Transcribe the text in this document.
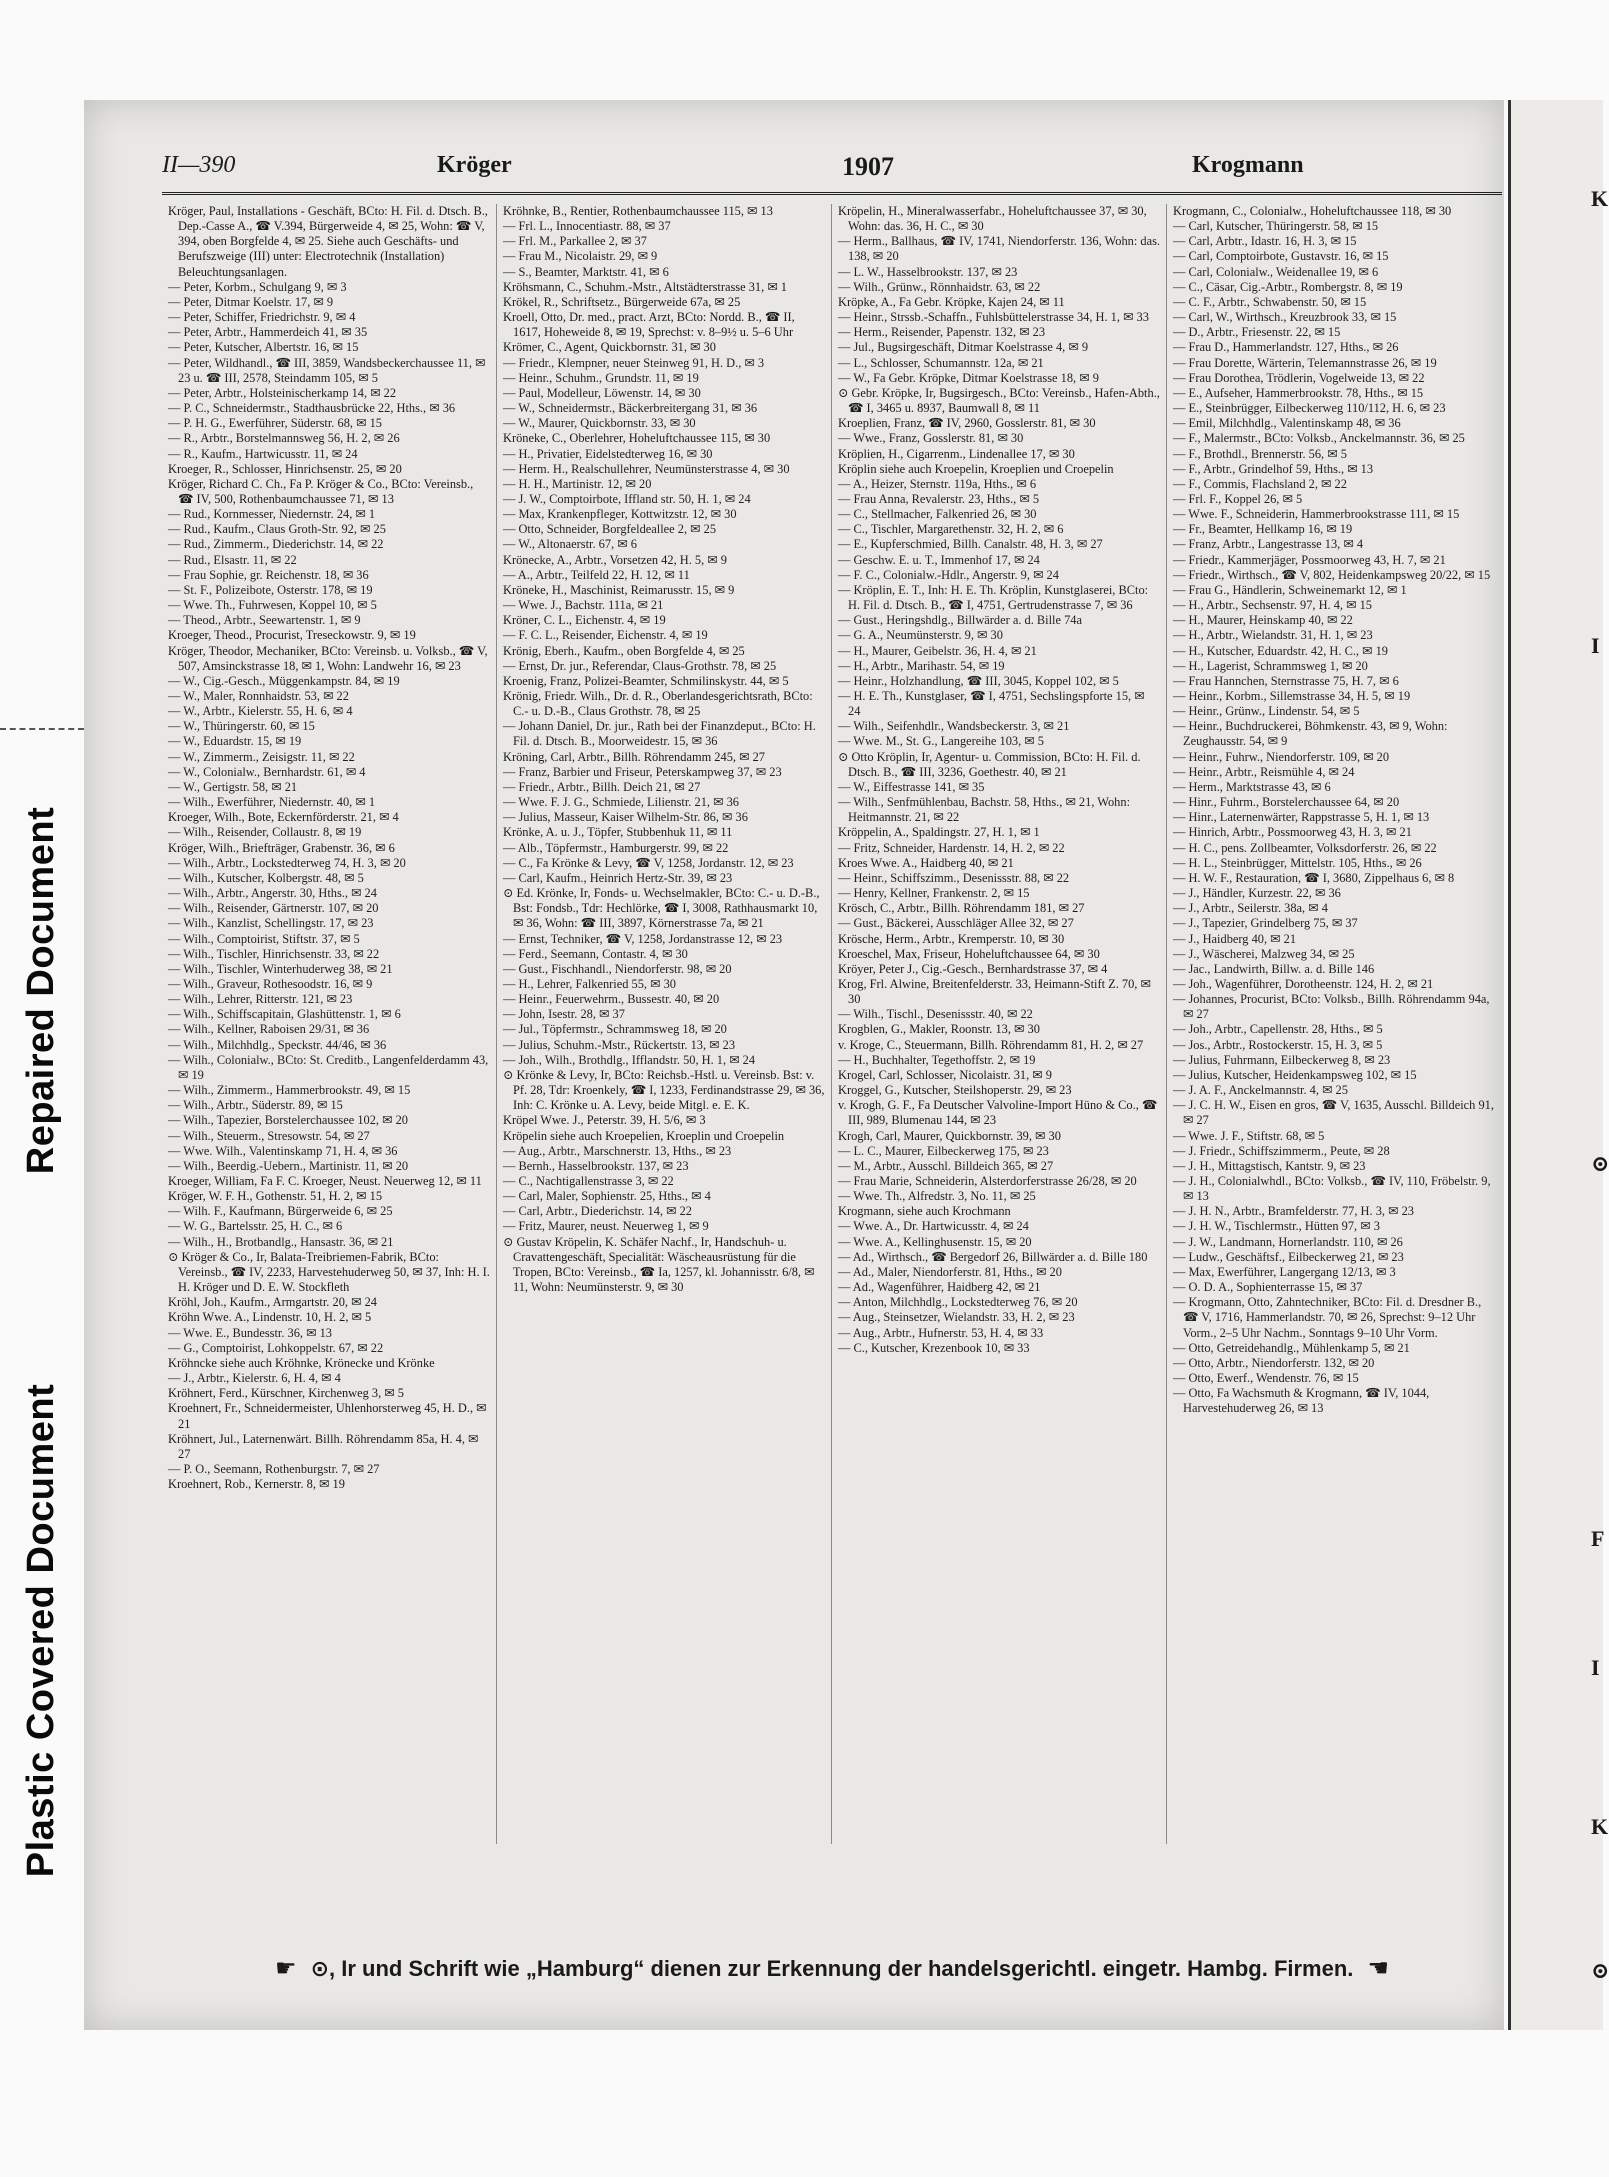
Repaired Document
Plastic Covered Document
II—390	Kröger	1907	Krogmann

Kröger, Paul, Installations - Geschäft, BCto: H. Fil. d. Dtsch. B., Dep.-Casse A., ☎ V.394, Bürgerweide 4, ✉ 25, Wohn: ☎ V, 394, oben Borgfelde 4, ✉ 25. Siehe auch Geschäfts- und Berufszweige (III) unter: Electrotechnik (Installation) Beleuchtungsanlagen.

— Peter, Korbm., Schulgang 9, ✉ 3

— Peter, Ditmar Koelstr. 17, ✉ 9

— Peter, Schiffer, Friedrichstr. 9, ✉ 4

— Peter, Arbtr., Hammerdeich 41, ✉ 35

— Peter, Kutscher, Albertstr. 16, ✉ 15

— Peter, Wildhandl., ☎ III, 3859, Wandsbeckerchaussee 11, ✉ 23 u. ☎ III, 2578, Steindamm 105, ✉ 5

— Peter, Arbtr., Holsteinischerkamp 14, ✉ 22

— P. C., Schneidermstr., Stadthausbrücke 22, Hths., ✉ 36

— P. H. G., Ewerführer, Süderstr. 68, ✉ 15

— R., Arbtr., Borstelmannsweg 56, H. 2, ✉ 26

— R., Kaufm., Hartwicusstr. 11, ✉ 24

Kroeger, R., Schlosser, Hinrichsenstr. 25, ✉ 20

Kröger, Richard C. Ch., Fa P. Kröger & Co., BCto: Vereinsb., ☎ IV, 500, Rothenbaumchaussee 71, ✉ 13

— Rud., Kornmesser, Niedernstr. 24, ✉ 1

— Rud., Kaufm., Claus Groth-Str. 92, ✉ 25

— Rud., Zimmerm., Diederichstr. 14, ✉ 22

— Rud., Elsastr. 11, ✉ 22

— Frau Sophie, gr. Reichenstr. 18, ✉ 36

— St. F., Polizeibote, Osterstr. 178, ✉ 19

— Wwe. Th., Fuhrwesen, Koppel 10, ✉ 5

— Theod., Arbtr., Seewartenstr. 1, ✉ 9

Kroeger, Theod., Procurist, Treseckowstr. 9, ✉ 19

Kröger, Theodor, Mechaniker, BCto: Vereinsb. u. Volksb., ☎ V, 507, Amsinckstrasse 18, ✉ 1, Wohn: Landwehr 16, ✉ 23

— W., Cig.-Gesch., Müggenkampstr. 84, ✉ 19

— W., Maler, Ronnhaidstr. 53, ✉ 22

— W., Arbtr., Kielerstr. 55, H. 6, ✉ 4

— W., Thüringerstr. 60, ✉ 15

— W., Eduardstr. 15, ✉ 19

— W., Zimmerm., Zeisigstr. 11, ✉ 22

— W., Colonialw., Bernhardstr. 61, ✉ 4

— W., Gertigstr. 58, ✉ 21

— Wilh., Ewerführer, Niedernstr. 40, ✉ 1

Kroeger, Wilh., Bote, Eckernförderstr. 21, ✉ 4

— Wilh., Reisender, Collaustr. 8, ✉ 19

Kröger, Wilh., Briefträger, Grabenstr. 36, ✉ 6

— Wilh., Arbtr., Lockstedterweg 74, H. 3, ✉ 20

— Wilh., Kutscher, Kolbergstr. 48, ✉ 5

— Wilh., Arbtr., Angerstr. 30, Hths., ✉ 24

— Wilh., Reisender, Gärtnerstr. 107, ✉ 20

— Wilh., Kanzlist, Schellingstr. 17, ✉ 23

— Wilh., Comptoirist, Stiftstr. 37, ✉ 5

— Wilh., Tischler, Hinrichsenstr. 33, ✉ 22

— Wilh., Tischler, Winterhuderweg 38, ✉ 21

— Wilh., Graveur, Rothesoodstr. 16, ✉ 9

— Wilh., Lehrer, Ritterstr. 121, ✉ 23

— Wilh., Schiffscapitain, Glashüttenstr. 1, ✉ 6

— Wilh., Kellner, Raboisen 29/31, ✉ 36

— Wilh., Milchhdlg., Speckstr. 44/46, ✉ 36

— Wilh., Colonialw., BCto: St. Creditb., Langenfelderdamm 43, ✉ 19

— Wilh., Zimmerm., Hammerbrookstr. 49, ✉ 15

— Wilh., Arbtr., Süderstr. 89, ✉ 15

— Wilh., Tapezier, Borstelerchaussee 102, ✉ 20

— Wilh., Steuerm., Stresowstr. 54, ✉ 27

— Wwe. Wilh., Valentinskamp 71, H. 4, ✉ 36

— Wilh., Beerdig.-Uebern., Martinistr. 11, ✉ 20

Kroeger, William, Fa F. C. Kroeger, Neust. Neuerweg 12, ✉ 11

Kröger, W. F. H., Gothenstr. 51, H. 2, ✉ 15

— Wilh. F., Kaufmann, Bürgerweide 6, ✉ 25

— W. G., Bartelsstr. 25, H. C., ✉ 6

— Wilh., H., Brotbandlg., Hansastr. 36, ✉ 21

⊙ Kröger & Co., Ir, Balata-Treibriemen-Fabrik, BCto: Vereinsb., ☎ IV, 2233, Harvestehuderweg 50, ✉ 37, Inh: H. I. H. Kröger und D. E. W. Stockfleth

Kröhl, Joh., Kaufm., Armgartstr. 20, ✉ 24

Kröhn Wwe. A., Lindenstr. 10, H. 2, ✉ 5

— Wwe. E., Bundesstr. 36, ✉ 13

— G., Comptoirist, Lohkoppelstr. 67, ✉ 22

Kröhncke siehe auch Kröhnke, Krönecke und Krönke

— J., Arbtr., Kielerstr. 6, H. 4, ✉ 4

Kröhnert, Ferd., Kürschner, Kirchenweg 3, ✉ 5

Kroehnert, Fr., Schneidermeister, Uhlenhorsterweg 45, H. D., ✉ 21

Kröhnert, Jul., Laternenwärt. Billh. Röhrendamm 85a, H. 4, ✉ 27

— P. O., Seemann, Rothenburgstr. 7, ✉ 27

Kroehnert, Rob., Kernerstr. 8, ✉ 19

Kröhnke, B., Rentier, Rothenbaumchaussee 115, ✉ 13

— Frl. L., Innocentiastr. 88, ✉ 37

— Frl. M., Parkallee 2, ✉ 37

— Frau M., Nicolaistr. 29, ✉ 9

— S., Beamter, Marktstr. 41, ✉ 6

Kröhsmann, C., Schuhm.-Mstr., Altstädterstrasse 31, ✉ 1

Krökel, R., Schriftsetz., Bürgerweide 67a, ✉ 25

Kroell, Otto, Dr. med., pract. Arzt, BCto: Nordd. B., ☎ II, 1617, Hoheweide 8, ✉ 19, Sprechst: v. 8–9½ u. 5–6 Uhr

Krömer, C., Agent, Quickbornstr. 31, ✉ 30

— Friedr., Klempner, neuer Steinweg 91, H. D., ✉ 3

— Heinr., Schuhm., Grundstr. 11, ✉ 19

— Paul, Modelleur, Löwenstr. 14, ✉ 30

— W., Schneidermstr., Bäckerbreitergang 31, ✉ 36

— W., Maurer, Quickbornstr. 33, ✉ 30

Kröneke, C., Oberlehrer, Hoheluftchaussee 115, ✉ 30

— H., Privatier, Eidelstedterweg 16, ✉ 30

— Herm. H., Realschullehrer, Neumünsterstrasse 4, ✉ 30

— H. H., Martinistr. 12, ✉ 20

— J. W., Comptoirbote, Iffland str. 50, H. 1, ✉ 24

— Max, Krankenpfleger, Kottwitzstr. 12, ✉ 30

— Otto, Schneider, Borgfeldeallee 2, ✉ 25

— W., Altonaerstr. 67, ✉ 6

Krönecke, A., Arbtr., Vorsetzen 42, H. 5, ✉ 9

— A., Arbtr., Teilfeld 22, H. 12, ✉ 11

Kröneke, H., Maschinist, Reimarusstr. 15, ✉ 9

— Wwe. J., Bachstr. 111a, ✉ 21

Kröner, C. L., Eichenstr. 4, ✉ 19

— F. C. L., Reisender, Eichenstr. 4, ✉ 19

Krönig, Eberh., Kaufm., oben Borgfelde 4, ✉ 25

— Ernst, Dr. jur., Referendar, Claus-Grothstr. 78, ✉ 25

Kroenig, Franz, Polizei-Beamter, Schmilinskystr. 44, ✉ 5

Krönig, Friedr. Wilh., Dr. d. R., Oberlandesgerichtsrath, BCto: C.- u. D.-B., Claus Grothstr. 78, ✉ 25

— Johann Daniel, Dr. jur., Rath bei der Finanzdeput., BCto: H. Fil. d. Dtsch. B., Moorweidestr. 15, ✉ 36

Kröning, Carl, Arbtr., Billh. Röhrendamm 245, ✉ 27

— Franz, Barbier und Friseur, Peterskampweg 37, ✉ 23

— Friedr., Arbtr., Billh. Deich 21, ✉ 27

— Wwe. F. J. G., Schmiede, Lilienstr. 21, ✉ 36

— Julius, Masseur, Kaiser Wilhelm-Str. 86, ✉ 36

Krönke, A. u. J., Töpfer, Stubbenhuk 11, ✉ 11

— Alb., Töpfermstr., Hamburgerstr. 99, ✉ 22

— C., Fa Krönke & Levy, ☎ V, 1258, Jordanstr. 12, ✉ 23

— Carl, Kaufm., Heinrich Hertz-Str. 39, ✉ 23

⊙ Ed. Krönke, Ir, Fonds- u. Wechselmakler, BCto: C.- u. D.-B., Bst: Fondsb., Tdr: Hechlörke, ☎ I, 3008, Rathhausmarkt 10, ✉ 36, Wohn: ☎ III, 3897, Körnerstrasse 7a, ✉ 21

— Ernst, Techniker, ☎ V, 1258, Jordanstrasse 12, ✉ 23

— Ferd., Seemann, Contastr. 4, ✉ 30

— Gust., Fischhandl., Niendorferstr. 98, ✉ 20

— H., Lehrer, Falkenried 55, ✉ 30

— Heinr., Feuerwehrm., Bussestr. 40, ✉ 20

— John, Isestr. 28, ✉ 37

— Jul., Töpfermstr., Schrammsweg 18, ✉ 20

— Julius, Schuhm.-Mstr., Rückertstr. 13, ✉ 23

— Joh., Wilh., Brothdlg., Ifflandstr. 50, H. 1, ✉ 24

⊙ Krönke & Levy, Ir, BCto: Reichsb.-Hstl. u. Vereinsb. Bst: v. Pf. 28, Tdr: Kroenkely, ☎ I, 1233, Ferdinandstrasse 29, ✉ 36, Inh: C. Krönke u. A. Levy, beide Mitgl. e. E. K.

Kröpel Wwe. J., Peterstr. 39, H. 5/6, ✉ 3

Kröpelin siehe auch Kroepelien, Kroeplin und Croepelin

— Aug., Arbtr., Marschnerstr. 13, Hths., ✉ 23

— Bernh., Hasselbrookstr. 137, ✉ 23

— C., Nachtigallenstrasse 3, ✉ 22

— Carl, Maler, Sophienstr. 25, Hths., ✉ 4

— Carl, Arbtr., Diederichstr. 14, ✉ 22

— Fritz, Maurer, neust. Neuerweg 1, ✉ 9

⊙ Gustav Kröpelin, K. Schäfer Nachf., Ir, Handschuh- u. Cravattengeschäft, Specialität: Wäscheausrüstung für die Tropen, BCto: Vereinsb., ☎ Ia, 1257, kl. Johannisstr. 6/8, ✉ 11, Wohn: Neumünsterstr. 9, ✉ 30

Kröpelin, H., Mineralwasserfabr., Hoheluftchaussee 37, ✉ 30, Wohn: das. 36, H. C., ✉ 30

— Herm., Ballhaus, ☎ IV, 1741, Niendorferstr. 136, Wohn: das. 138, ✉ 20

— L. W., Hasselbrookstr. 137, ✉ 23

— Wilh., Grünw., Rönnhaidstr. 63, ✉ 22

Kröpke, A., Fa Gebr. Kröpke, Kajen 24, ✉ 11

— Heinr., Strssb.-Schaffn., Fuhlsbüttelerstrasse 34, H. 1, ✉ 33

— Herm., Reisender, Papenstr. 132, ✉ 23

— Jul., Bugsirgeschäft, Ditmar Koelstrasse 4, ✉ 9

— L., Schlosser, Schumannstr. 12a, ✉ 21

— W., Fa Gebr. Kröpke, Ditmar Koelstrasse 18, ✉ 9

⊙ Gebr. Kröpke, Ir, Bugsirgesch., BCto: Vereinsb., Hafen-Abth., ☎ I, 3465 u. 8937, Baumwall 8, ✉ 11

Kroeplien, Franz, ☎ IV, 2960, Gosslerstr. 81, ✉ 30

— Wwe., Franz, Gosslerstr. 81, ✉ 30

Kröplien, H., Cigarrenm., Lindenallee 17, ✉ 30

Kröplin siehe auch Kroepelin, Kroeplien und Croepelin

— A., Heizer, Sternstr. 119a, Hths., ✉ 6

— Frau Anna, Revalerstr. 23, Hths., ✉ 5

— C., Stellmacher, Falkenried 26, ✉ 30

— C., Tischler, Margarethenstr. 32, H. 2, ✉ 6

— E., Kupferschmied, Billh. Canalstr. 48, H. 3, ✉ 27

— Geschw. E. u. T., Immenhof 17, ✉ 24

— F. C., Colonialw.-Hdlr., Angerstr. 9, ✉ 24

— Kröplin, E. T., Inh: H. E. Th. Kröplin, Kunstglaserei, BCto: H. Fil. d. Dtsch. B., ☎ I, 4751, Gertrudenstrasse 7, ✉ 36

— Gust., Heringshdlg., Billwärder a. d. Bille 74a

— G. A., Neumünsterstr. 9, ✉ 30

— H., Maurer, Geibelstr. 36, H. 4, ✉ 21

— H., Arbtr., Marihastr. 54, ✉ 19

— Heinr., Holzhandlung, ☎ III, 3045, Koppel 102, ✉ 5

— H. E. Th., Kunstglaser, ☎ I, 4751, Sechslingspforte 15, ✉ 24

— Wilh., Seifenhdlr., Wandsbeckerstr. 3, ✉ 21

— Wwe. M., St. G., Langereihe 103, ✉ 5

⊙ Otto Kröplin, Ir, Agentur- u. Commission, BCto: H. Fil. d. Dtsch. B., ☎ III, 3236, Goethestr. 40, ✉ 21

— W., Eiffestrasse 141, ✉ 35

— Wilh., Senfmühlenbau, Bachstr. 58, Hths., ✉ 21, Wohn: Heitmannstr. 21, ✉ 22

Kröppelin, A., Spaldingstr. 27, H. 1, ✉ 1

— Fritz, Schneider, Hardenstr. 14, H. 2, ✉ 22

Kroes Wwe. A., Haidberg 40, ✉ 21

— Heinr., Schiffszimm., Desenissstr. 88, ✉ 22

— Henry, Kellner, Frankenstr. 2, ✉ 15

Krösch, C., Arbtr., Billh. Röhrendamm 181, ✉ 27

— Gust., Bäckerei, Ausschläger Allee 32, ✉ 27

Krösche, Herm., Arbtr., Kremperstr. 10, ✉ 30

Kroeschel, Max, Friseur, Hoheluftchaussee 64, ✉ 30

Kröyer, Peter J., Cig.-Gesch., Bernhardstrasse 37, ✉ 4

Krog, Frl. Alwine, Breitenfelderstr. 33, Heimann-Stift Z. 70, ✉ 30

— Wilh., Tischl., Desenissstr. 40, ✉ 22

Krogblen, G., Makler, Roonstr. 13, ✉ 30

v. Kroge, C., Steuermann, Billh. Röhrendamm 81, H. 2, ✉ 27

— H., Buchhalter, Tegethoffstr. 2, ✉ 19

Krogel, Carl, Schlosser, Nicolaistr. 31, ✉ 9

Kroggel, G., Kutscher, Steilshoperstr. 29, ✉ 23

v. Krogh, G. F., Fa Deutscher Valvoline-Import Hüno & Co., ☎ III, 989, Blumenau 144, ✉ 23

Krogh, Carl, Maurer, Quickbornstr. 39, ✉ 30

— L. C., Maurer, Eilbeckerweg 175, ✉ 23

— M., Arbtr., Ausschl. Billdeich 365, ✉ 27

— Frau Marie, Schneiderin, Alsterdorferstrasse 26/28, ✉ 20

— Wwe. Th., Alfredstr. 3, No. 11, ✉ 25

Krogmann, siehe auch Krochmann

— Wwe. A., Dr. Hartwicusstr. 4, ✉ 24

— Wwe. A., Kellinghusenstr. 15, ✉ 20

— Ad., Wirthsch., ☎ Bergedorf 26, Billwärder a. d. Bille 180

— Ad., Maler, Niendorferstr. 81, Hths., ✉ 20

— Ad., Wagenführer, Haidberg 42, ✉ 21

— Anton, Milchhdlg., Lockstedterweg 76, ✉ 20

— Aug., Steinsetzer, Wielandstr. 33, H. 2, ✉ 23

— Aug., Arbtr., Hufnerstr. 53, H. 4, ✉ 33

— C., Kutscher, Krezenbook 10, ✉ 33

Krogmann, C., Colonialw., Hoheluftchaussee 118, ✉ 30

— Carl, Kutscher, Thüringerstr. 58, ✉ 15

— Carl, Arbtr., Idastr. 16, H. 3, ✉ 15

— Carl, Comptoirbote, Gustavstr. 16, ✉ 15

— Carl, Colonialw., Weidenallee 19, ✉ 6

— C., Cäsar, Cig.-Arbtr., Rombergstr. 8, ✉ 19

— C. F., Arbtr., Schwabenstr. 50, ✉ 15

— Carl, W., Wirthsch., Kreuzbrook 33, ✉ 15

— D., Arbtr., Friesenstr. 22, ✉ 15

— Frau D., Hammerlandstr. 127, Hths., ✉ 26

— Frau Dorette, Wärterin, Telemannstrasse 26, ✉ 19

— Frau Dorothea, Trödlerin, Vogelweide 13, ✉ 22

— E., Aufseher, Hammerbrookstr. 78, Hths., ✉ 15

— E., Steinbrügger, Eilbeckerweg 110/112, H. 6, ✉ 23

— Emil, Milchhdlg., Valentinskamp 48, ✉ 36

— F., Malermstr., BCto: Volksb., Anckelmannstr. 36, ✉ 25

— F., Brothdl., Brennerstr. 56, ✉ 5

— F., Arbtr., Grindelhof 59, Hths., ✉ 13

— F., Commis, Flachsland 2, ✉ 22

— Frl. F., Koppel 26, ✉ 5

— Wwe. F., Schneiderin, Hammerbrookstrasse 111, ✉ 15

— Fr., Beamter, Hellkamp 16, ✉ 19

— Franz, Arbtr., Langestrasse 13, ✉ 4

— Friedr., Kammerjäger, Possmoorweg 43, H. 7, ✉ 21

— Friedr., Wirthsch., ☎ V, 802, Heidenkampsweg 20/22, ✉ 15

— Frau G., Händlerin, Schweinemarkt 12, ✉ 1

— H., Arbtr., Sechsenstr. 97, H. 4, ✉ 15

— H., Maurer, Heinskamp 40, ✉ 22

— H., Arbtr., Wielandstr. 31, H. 1, ✉ 23

— H., Kutscher, Eduardstr. 42, H. C., ✉ 19

— H., Lagerist, Schrammsweg 1, ✉ 20

— Frau Hannchen, Sternstrasse 75, H. 7, ✉ 6

— Heinr., Korbm., Sillemstrasse 34, H. 5, ✉ 19

— Heinr., Grünw., Lindenstr. 54, ✉ 5

— Heinr., Buchdruckerei, Böhmkenstr. 43, ✉ 9, Wohn: Zeughausstr. 54, ✉ 9

— Heinr., Fuhrw., Niendorferstr. 109, ✉ 20

— Heinr., Arbtr., Reismühle 4, ✉ 24

— Herm., Marktstrasse 43, ✉ 6

— Hinr., Fuhrm., Borstelerchaussee 64, ✉ 20

— Hinr., Laternenwärter, Rappstrasse 5, H. 1, ✉ 13

— Hinrich, Arbtr., Possmoorweg 43, H. 3, ✉ 21

— H. C., pens. Zollbeamter, Volksdorferstr. 26, ✉ 22

— H. L., Steinbrügger, Mittelstr. 105, Hths., ✉ 26

— H. W. F., Restauration, ☎ I, 3680, Zippelhaus 6, ✉ 8

— J., Händler, Kurzestr. 22, ✉ 36

— J., Arbtr., Seilerstr. 38a, ✉ 4

— J., Tapezier, Grindelberg 75, ✉ 37

— J., Haidberg 40, ✉ 21

— J., Wäscherei, Malzweg 34, ✉ 25

— Jac., Landwirth, Billw. a. d. Bille 146

— Joh., Wagenführer, Dorotheenstr. 124, H. 2, ✉ 21

— Johannes, Procurist, BCto: Volksb., Billh. Röhrendamm 94a, ✉ 27

— Joh., Arbtr., Capellenstr. 28, Hths., ✉ 5

— Jos., Arbtr., Rostockerstr. 15, H. 3, ✉ 5

— Julius, Fuhrmann, Eilbeckerweg 8, ✉ 23

— Julius, Kutscher, Heidenkampsweg 102, ✉ 15

— J. A. F., Anckelmannstr. 4, ✉ 25

— J. C. H. W., Eisen en gros, ☎ V, 1635, Ausschl. Billdeich 91, ✉ 27

— Wwe. J. F., Stiftstr. 68, ✉ 5

— J. Friedr., Schiffszimmerm., Peute, ✉ 28

— J. H., Mittagstisch, Kantstr. 9, ✉ 23

— J. H., Colonialwhdl., BCto: Volksb., ☎ IV, 110, Fröbelstr. 9, ✉ 13

— J. H. N., Arbtr., Bramfelderstr. 77, H. 3, ✉ 23

— J. H. W., Tischlermstr., Hütten 97, ✉ 3

— J. W., Landmann, Hornerlandstr. 110, ✉ 26

— Ludw., Geschäftsf., Eilbeckerweg 21, ✉ 23

— Max, Ewerführer, Langergang 12/13, ✉ 3

— O. D. A., Sophienterrasse 15, ✉ 37

— Krogmann, Otto, Zahntechniker, BCto: Fil. d. Dresdner B., ☎ V, 1716, Hammerlandstr. 70, ✉ 26, Sprechst: 9–12 Uhr Vorm., 2–5 Uhr Nachm., Sonntags 9–10 Uhr Vorm.

— Otto, Getreidehandlg., Mühlenkamp 5, ✉ 21

— Otto, Arbtr., Niendorferstr. 132, ✉ 20

— Otto, Ewerf., Wendenstr. 76, ✉ 15

— Otto, Fa Wachsmuth & Krogmann, ☎ IV, 1044, Harvestehuderweg 26, ✉ 13

☛ ⊙, Ir und Schrift wie „Hamburg“ dienen zur Erkennung der handelsgerichtl. eingetr. Hambg. Firmen. ☚
K
I
⊙
F
I
K
⊙
